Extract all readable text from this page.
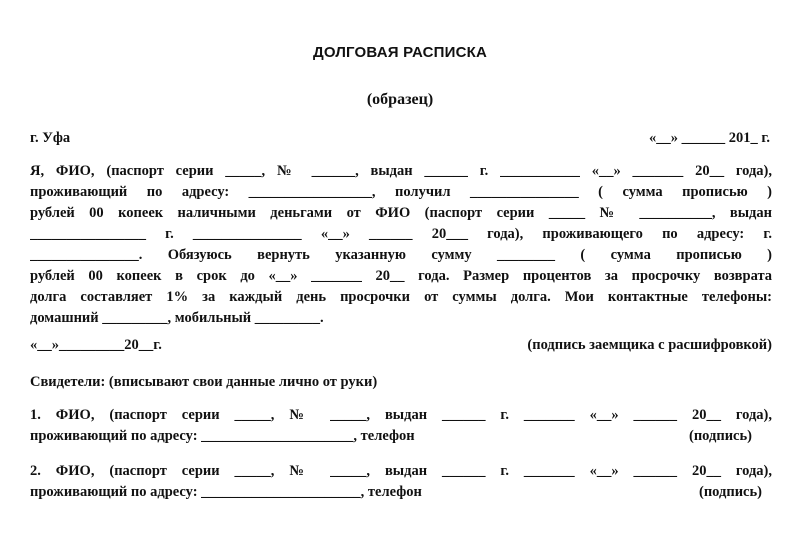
ДОЛГОВАЯ РАСПИСКА
(образец)
г. Уфа	«__» ______ 201_ г.
Я, ФИО, (паспорт серии _____, № ______, выдан ______ г. ___________ «__» _______ 20__ года),
проживающий по адресу: _________________, получил _______________ ( сумма прописью )
рублей 00 копеек наличными деньгами от ФИО (паспорт серии _____ № __________, выдан
________________ г. _______________ «__» ______ 20___ года), проживающего по адресу: г.
_______________. Обязуюсь вернуть указанную сумму ________ ( сумма прописью )
рублей 00 копеек в срок до «__» _______ 20__ года. Размер процентов за просрочку возврата
долга составляет 1% за каждый день просрочки от суммы долга. Мои контактные телефоны:
домашний _________, мобильный _________.
«__»_________20__г.	(подпись заемщика с расшифровкой)
Свидетели: (вписывают свои данные лично от руки)
1. ФИО, (паспорт серии _____, № _____, выдан ______ г. _______ «__» ______ 20__ года),
проживающий по адресу: _____________________, телефон	(подпись)
2. ФИО, (паспорт серии _____, № _____, выдан ______ г. _______ «__» ______ 20__ года),
проживающий по адресу: ______________________, телефон	(подпись)
